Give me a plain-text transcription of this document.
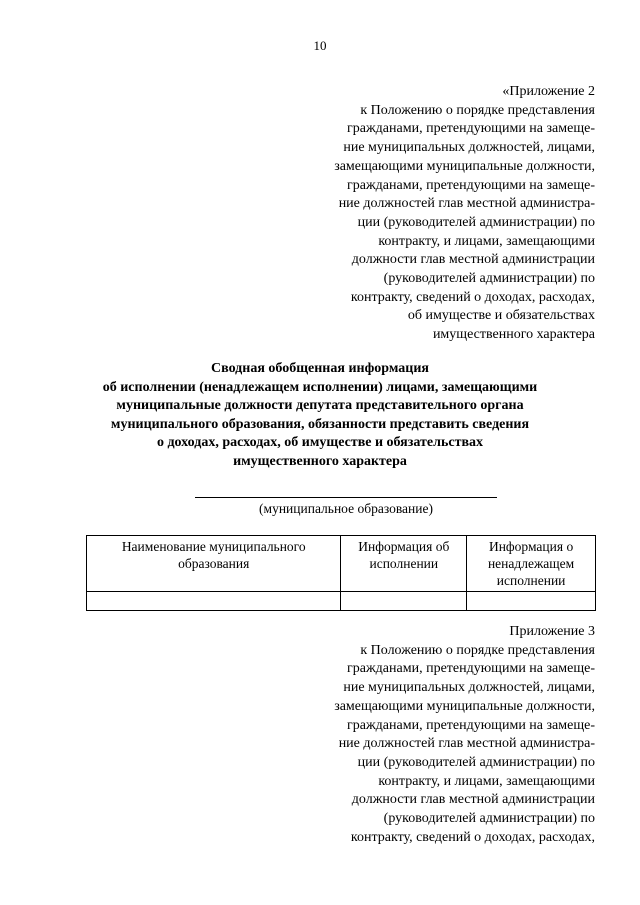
10
«Приложение 2
к Положению о порядке представления
гражданами, претендующими на замеще-
ние муниципальных должностей, лицами,
замещающими муниципальные должности,
гражданами, претендующими на замеще-
ние должностей глав местной администра-
ции (руководителей администрации) по
контракту, и лицами, замещающими
должности глав местной администрации
(руководителей администрации) по
контракту, сведений о доходах, расходах,
об имуществе и обязательствах
имущественного характера
Сводная обобщенная информация
об исполнении (ненадлежащем исполнении) лицами, замещающими
муниципальные должности депутата представительного органа
муниципального образования, обязанности представить сведения
о доходах, расходах, об имуществе и обязательствах
имущественного характера
(муниципальное образование)
Наименование муниципального образования	Информация об исполнении	Информация о ненадлежащем исполнении

Приложение 3
к Положению о порядке представления
гражданами, претендующими на замеще-
ние муниципальных должностей, лицами,
замещающими муниципальные должности,
гражданами, претендующими на замеще-
ние должностей глав местной администра-
ции (руководителей администрации) по
контракту, и лицами, замещающими
должности глав местной администрации
(руководителей администрации) по
контракту, сведений о доходах, расходах,
